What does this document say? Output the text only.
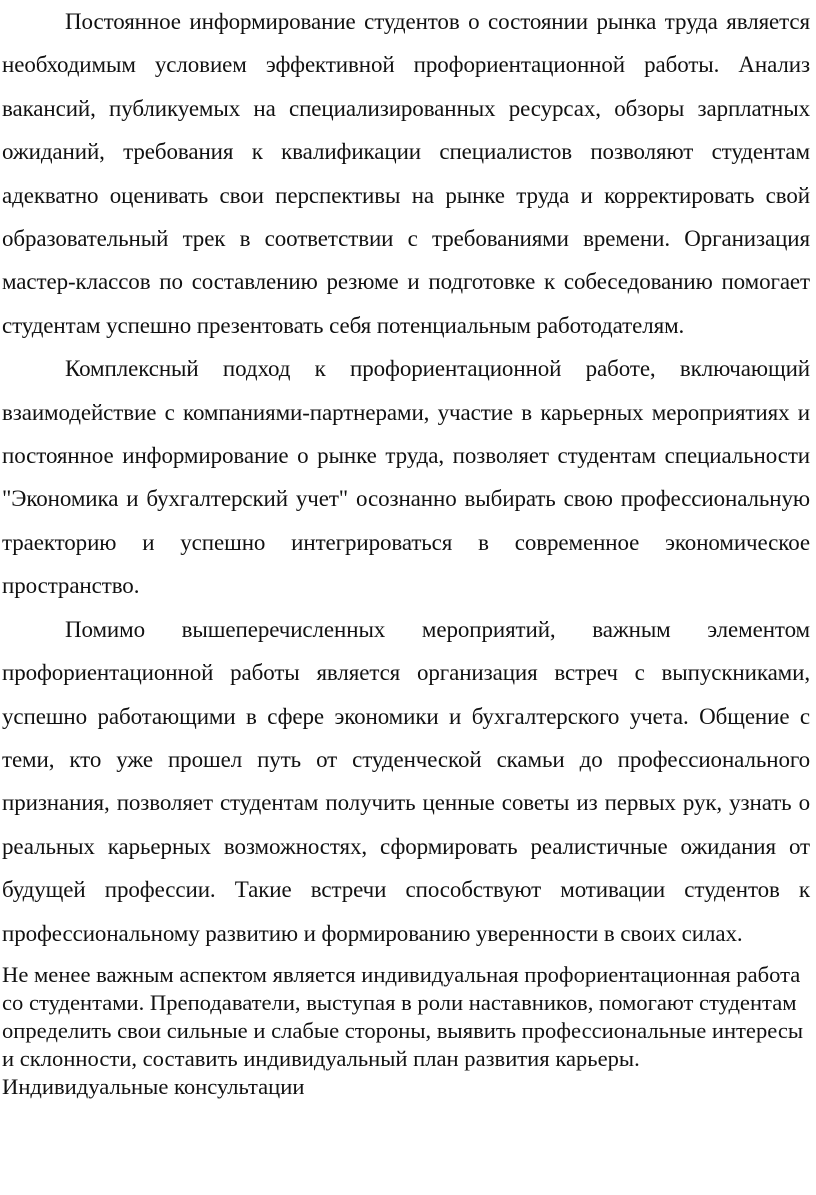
Постоянное информирование студентов о состоянии рынка труда является необходимым условием эффективной профориентационной работы. Анализ вакансий, публикуемых на специализированных ресурсах, обзоры зарплатных ожиданий, требования к квалификации специалистов позволяют студентам адекватно оценивать свои перспективы на рынке труда и корректировать свой образовательный трек в соответствии с требованиями времени. Организация мастер-классов по составлению резюме и подготовке к собеседованию помогает студентам успешно презентовать себя потенциальным работодателям.

Комплексный подход к профориентационной работе, включающий взаимодействие с компаниями-партнерами, участие в карьерных мероприятиях и постоянное информирование о рынке труда, позволяет студентам специальности "Экономика и бухгалтерский учет" осознанно выбирать свою профессиональную траекторию и успешно интегрироваться в современное экономическое пространство.

Помимо вышеперечисленных мероприятий, важным элементом профориентационной работы является организация встреч с выпускниками, успешно работающими в сфере экономики и бухгалтерского учета. Общение с теми, кто уже прошел путь от студенческой скамьи до профессионального признания, позволяет студентам получить ценные советы из первых рук, узнать о реальных карьерных возможностях, сформировать реалистичные ожидания от будущей профессии. Такие встречи способствуют мотивации студентов к профессиональному развитию и формированию уверенности в своих силах.

Не менее важным аспектом является индивидуальная профориентационная работа со студентами. Преподаватели, выступая в роли наставников, помогают студентам определить свои сильные и слабые стороны, выявить профессиональные интересы и склонности, составить индивидуальный план развития карьеры. Индивидуальные консультации
